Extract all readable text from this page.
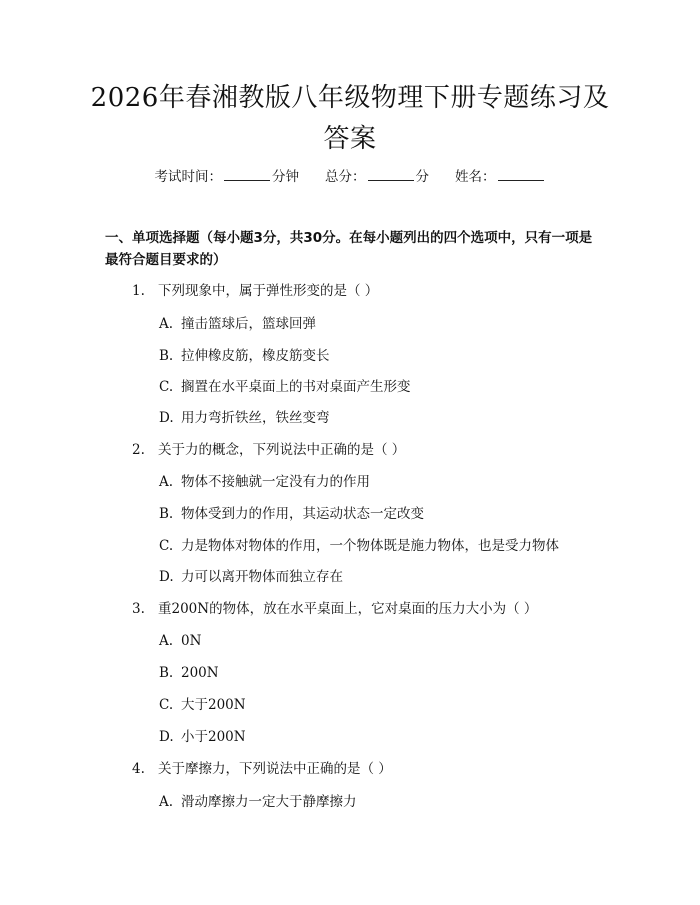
2026年春湘教版八年级物理下册专题练习及答案
考试时间：	分钟 总分：	分 姓名：

一、单项选择题（每小题3分，共30分。在每小题列出的四个选项中，只有一项是最符合题目要求的）

1. 下列现象中，属于弹性形变的是（ ）
A. 撞击篮球后，篮球回弹
B. 拉伸橡皮筋，橡皮筋变长
C. 搁置在水平桌面上的书对桌面产生形变
D. 用力弯折铁丝，铁丝变弯
2. 关于力的概念，下列说法中正确的是（ ）
A. 物体不接触就一定没有力的作用
B. 物体受到力的作用，其运动状态一定改变
C. 力是物体对物体的作用，一个物体既是施力物体，也是受力物体
D. 力可以离开物体而独立存在
3. 重200N的物体，放在水平桌面上，它对桌面的压力大小为（ ）
A. 0N
B. 200N
C. 大于200N
D. 小于200N
4. 关于摩擦力，下列说法中正确的是（ ）
A. 滑动摩擦力一定大于静摩擦力
